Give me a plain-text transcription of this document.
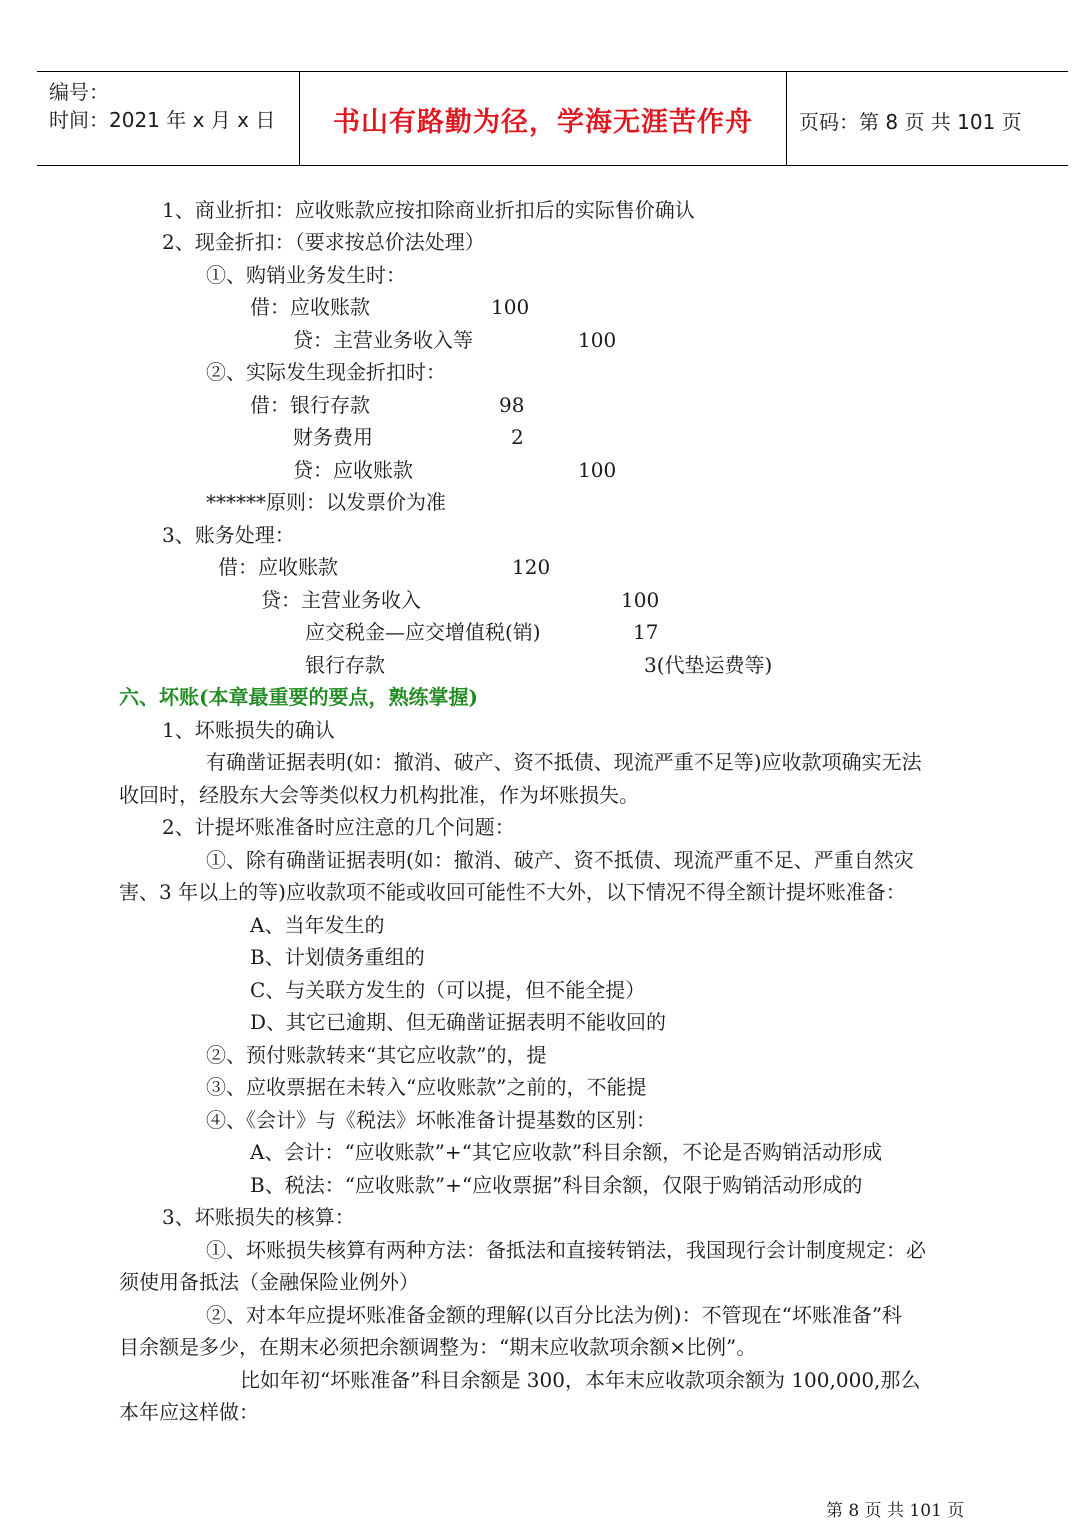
编号：
时间：2021 年 x 月 x 日	书山有路勤为径，学海无涯苦作舟	页码：第 8 页 共 101 页
1、商业折扣：应收账款应按扣除商业折扣后的实际售价确认
2、现金折扣：（要求按总价法处理）
①、购销业务发生时：
借：应收账款	100
贷：主营业务收入等	100
②、实际发生现金折扣时：
借：银行存款	98
财务费用	2
贷：应收账款	100
******原则：以发票价为准
3、账务处理：
借：应收账款	120
贷：主营业务收入	100
应交税金—应交增值税(销)	17
银行存款	3(代垫运费等)
六、坏账(本章最重要的要点，熟练掌握)
1、坏账损失的确认
有确凿证据表明(如：撤消、破产、资不抵债、现流严重不足等)应收款项确实无法
收回时，经股东大会等类似权力机构批准，作为坏账损失。
2、计提坏账准备时应注意的几个问题：
①、除有确凿证据表明(如：撤消、破产、资不抵债、现流严重不足、严重自然灾
害、3 年以上的等)应收款项不能或收回可能性不大外，以下情况不得全额计提坏账准备：
A、当年发生的
B、计划债务重组的
C、与关联方发生的（可以提，但不能全提）
D、其它已逾期、但无确凿证据表明不能收回的
②、预付账款转来“其它应收款”的，提
③、应收票据在未转入“应收账款”之前的，不能提
④、《会计》与《税法》坏帐准备计提基数的区别：
A、会计：“应收账款”+“其它应收款”科目余额，不论是否购销活动形成
B、税法：“应收账款”+“应收票据”科目余额，仅限于购销活动形成的
3、坏账损失的核算：
①、坏账损失核算有两种方法：备抵法和直接转销法，我国现行会计制度规定：必
须使用备抵法（金融保险业例外）
②、对本年应提坏账准备金额的理解(以百分比法为例)：不管现在“坏账准备”科
目余额是多少，在期末必须把余额调整为：“期末应收款项余额×比例”。
比如年初“坏账准备”科目余额是 300，本年末应收款项余额为 100,000,那么
本年应这样做：
第 8 页 共 101 页
